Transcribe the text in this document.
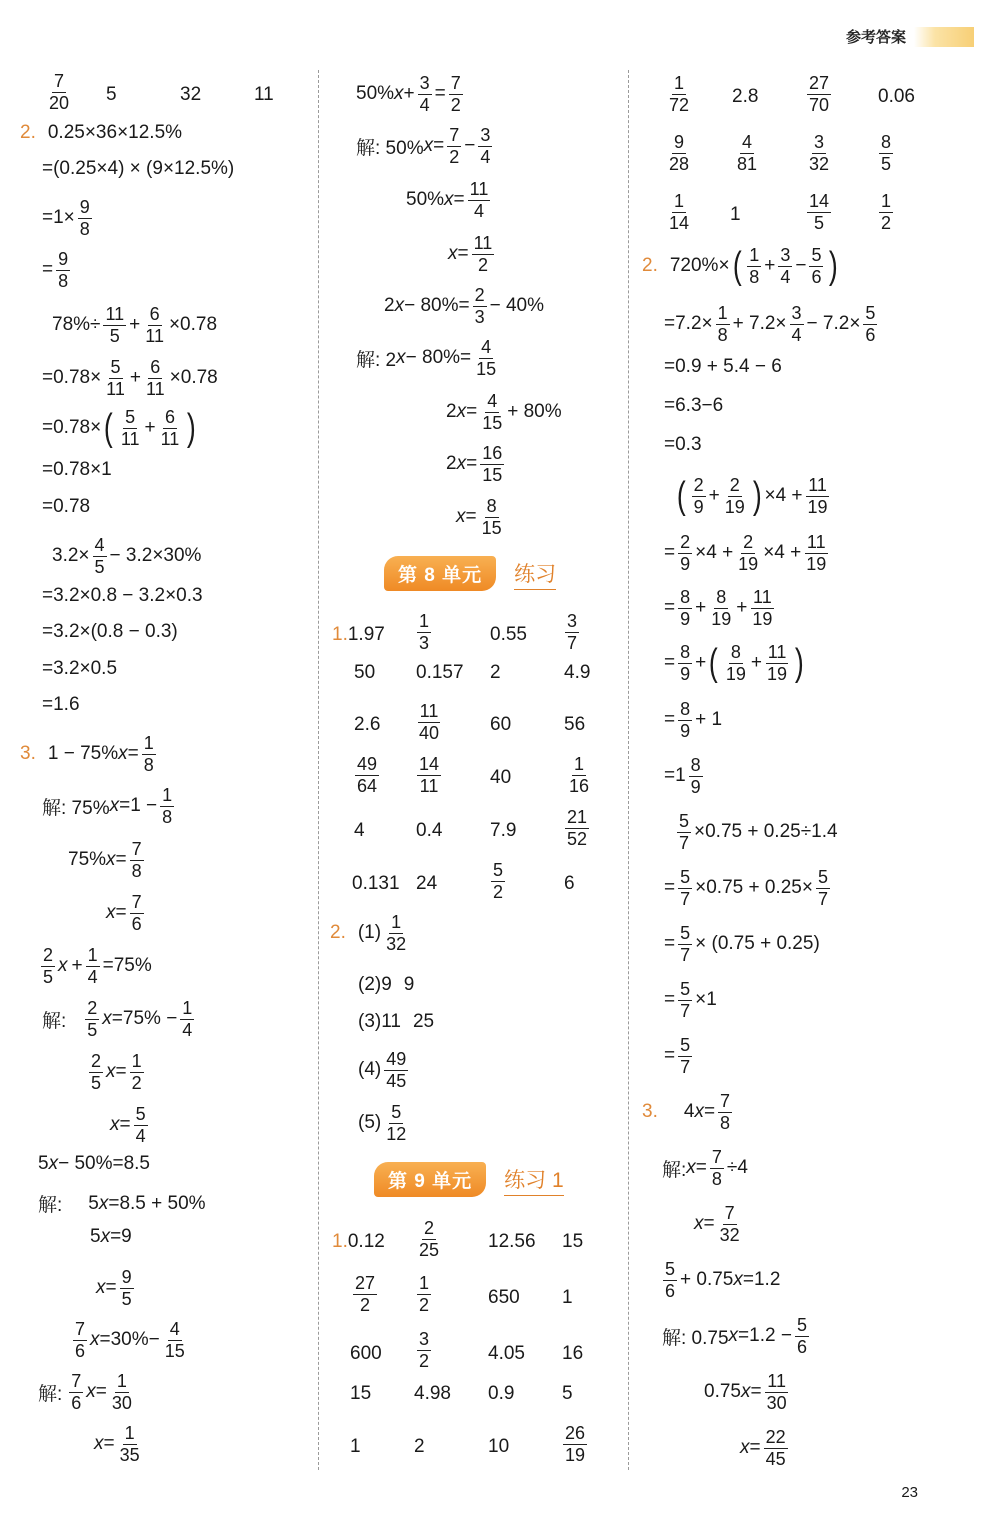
参考答案
$\frac{7}{20} 5$	32	11
2. 0.25×36×12.5%
=(0.25×4) × (9×12.5%)
$=1\times \frac{9}{8}$
= $\frac{9}{8}$
$78\%\div \frac{11}{5} + \frac{6}{11} \times 0.78$
$=0.78\times \frac{5}{11} + \frac{6}{11} \times 0.78$
=0.78× ( $\frac{5}{11} + \frac{6}{11}$ )
=0.78×1
=0.78
$3.2\times \frac{4}{5} - 3.2\times 30\%$
=3.2×0.8 − 3.2×0.3
=3.2×(0.8 − 0.3)
=3.2×0.5
=1.6
3. 1 − 75% $x = \frac{1}{8}$
解: 75% $x =1 - \frac{1}{8}$
75% $x = \frac{7}{8}$
$x = \frac{7}{6}$
$\frac{2}{5}$ $x + \frac{1}{4} =75\%$
解: $\frac{2}{5}$ $x =75\% - \frac{1}{4}$
$\frac{2}{5}$ $x = \frac{1}{2}$
$x = \frac{5}{4}$
5 x − 50%=8.5
解: 5 x =8.5 + 50%
5 x =9
$x = \frac{9}{5}$
$\frac{7}{6}$ $x =30\%- \frac{4}{15}$
解: $\frac{7}{6}$ $x = \frac{1}{30}$
$x = \frac{1}{35}$
50% $x + \frac{3}{4} = \frac{7}{2}$
解: 50% $x = \frac{7}{2} - \frac{3}{4}$
50% $x = \frac{11}{4}$
$x = \frac{11}{2}$
2 $x - 80\%= \frac{2}{3} - 40\%$
解: 2 $x - 80\%= \frac{4}{15}$
2 $x = \frac{4}{15} + 80\%$
2 $x = \frac{16}{15}$
$x = \frac{8}{15}$
第 8 单元	练习
1. $1.97 \frac{1}{3}$	$0.55 \frac{3}{7}$
50 0.157 2	4.9
$2.6 \frac{11}{40}$	60	56
$\frac{49}{64} \frac{14}{11}$	40	$\frac{1}{16}$
4	0.4	7.9	$\frac{21}{52}$
0.131 24	$\frac{5}{2}$	6
2. $(1) \frac{1}{32}$
(2)9 9
(3)11 25
$(4) \frac{49}{45}$
$(5) \frac{5}{12}$
第 9 单元	练习 1
1. $0.12 \frac{2}{25} 12.56$ 15
$\frac{27}{2} \frac{1}{2}$	650 1
$600 \frac{3}{2}$	4.05 16
15 4.98 0.9	5
1	2	10	$\frac{26}{19}$
$\frac{1}{72} 2.8$	$\frac{27}{70} 0.06$
$\frac{9}{28} \frac{4}{81}$	$\frac{3}{32}$	$\frac{8}{5}$
$\frac{1}{14} 1$	$\frac{14}{5}$	$\frac{1}{2}$
2. 720%× ( $\frac{1}{8} + \frac{3}{4} - \frac{5}{6}$ )
$=7.2\times \frac{1}{8} + 7.2\times \frac{3}{4} - 7.2\times \frac{5}{6}$
=0.9 + 5.4 − 6
=6.3−6
=0.3
( $\frac{2}{9} + \frac{2}{19}$ ) $\times 4 + \frac{11}{19}$
= $\frac{2}{9} \times 4 + \frac{2}{19} \times 4 + \frac{11}{19}$
= $\frac{8}{9} + \frac{8}{19} + \frac{11}{19}$
= $\frac{8}{9}$ + ( $\frac{8}{19} + \frac{11}{19}$ )
= $\frac{8}{9} + 1$
$=1 \frac{8}{9}$
$\frac{5}{7} \times 0.75 + 0.25\div 1.4$
= $\frac{5}{7} \times 0.75 + 0.25\times \frac{5}{7}$
= $\frac{5}{7} \times (0.75 + 0.25)$
= $\frac{5}{7} \times 1$
= $\frac{5}{7}$
3. 4 $x = \frac{7}{8}$
解: $x = \frac{7}{8} \div 4$
$x = \frac{7}{32}$
$\frac{5}{6} + 0.75$ x =1.2
解: 0.75 $x =1.2 - \frac{5}{6}$
0.75 $x = \frac{11}{30}$
$x = \frac{22}{45}$
23
